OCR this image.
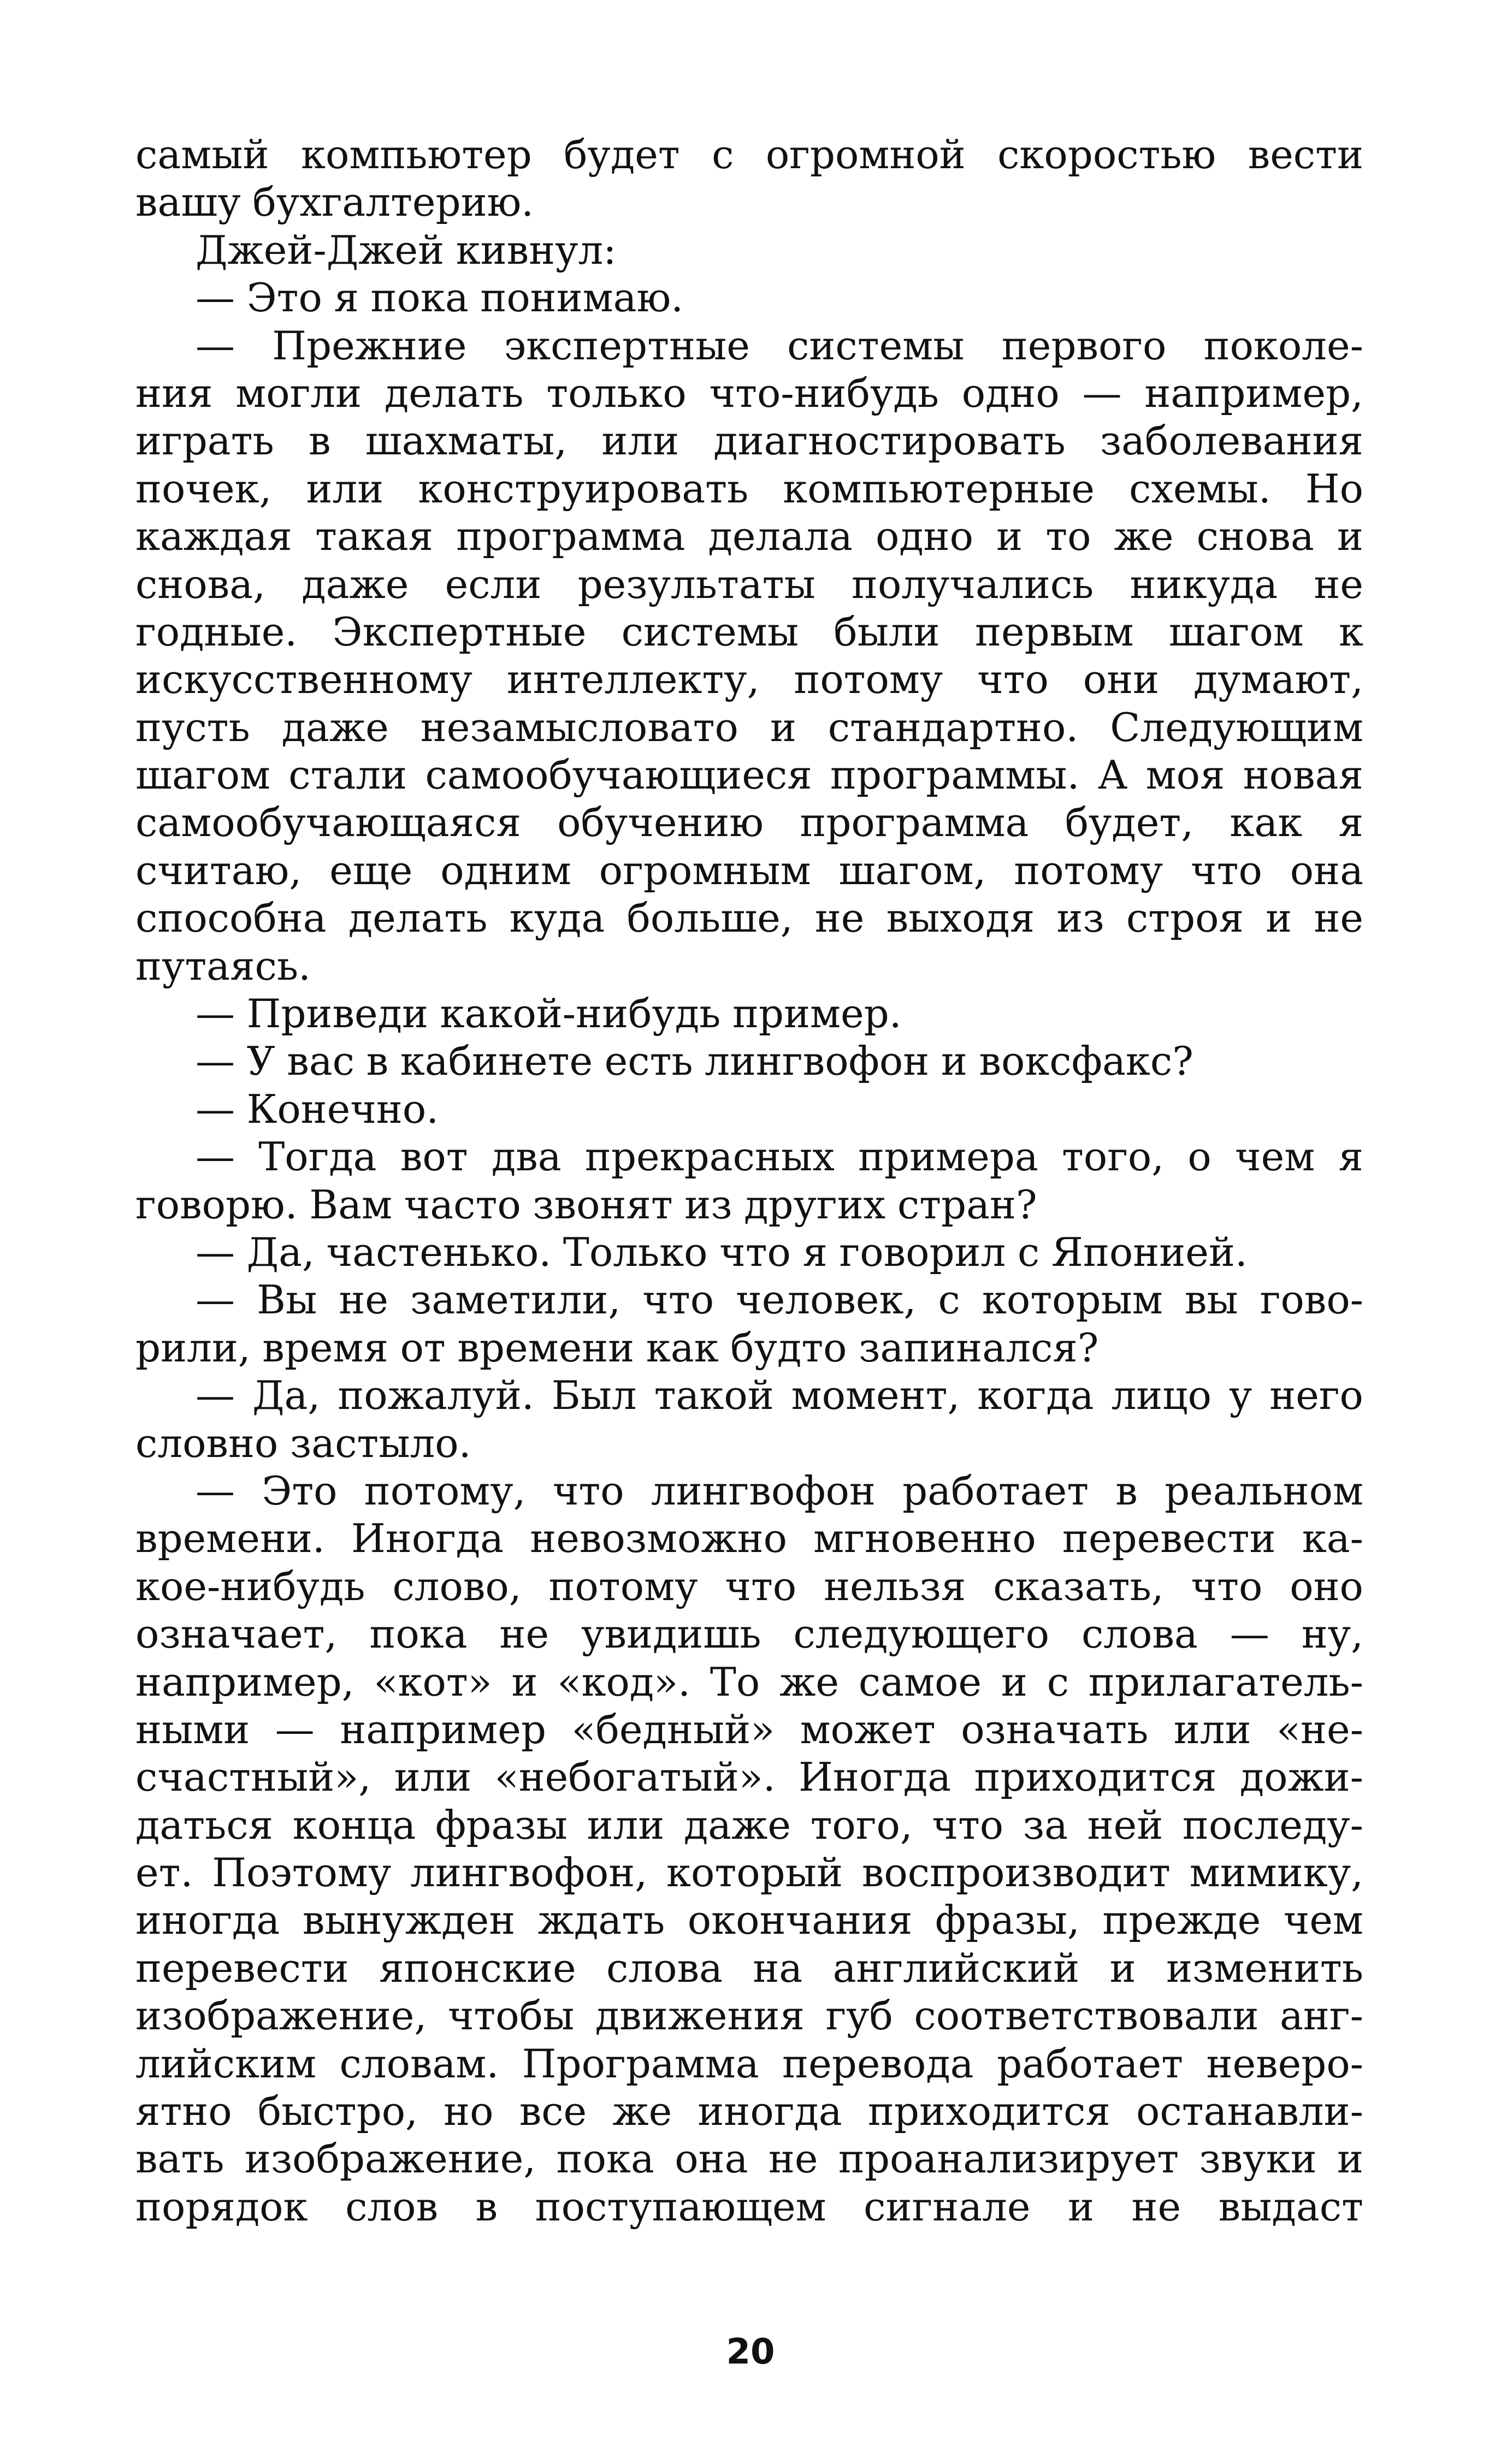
самый компьютер будет с огромной скоростью вести
вашу бухгалтерию.
Джей-Джей кивнул:
— Это я пока понимаю.
— Прежние экспертные системы первого поколе-
ния могли делать только что-нибудь одно — например,
играть в шахматы, или диагностировать заболевания
почек, или конструировать компьютерные схемы. Но
каждая такая программа делала одно и то же снова и
снова, даже если результаты получались никуда не
годные. Экспертные системы были первым шагом к
искусственному интеллекту, потому что они думают,
пусть даже незамысловато и стандартно. Следующим
шагом стали самообучающиеся программы. А моя новая
самообучающаяся обучению программа будет, как я
считаю, еще одним огромным шагом, потому что она
способна делать куда больше, не выходя из строя и не
путаясь.
— Приведи какой-нибудь пример.
— У вас в кабинете есть лингвофон и воксфакс?
— Конечно.
— Тогда вот два прекрасных примера того, о чем я
говорю. Вам часто звонят из других стран?
— Да, частенько. Только что я говорил с Японией.
— Вы не заметили, что человек, с которым вы гово-
рили, время от времени как будто запинался?
— Да, пожалуй. Был такой момент, когда лицо у него
словно застыло.
— Это потому, что лингвофон работает в реальном
времени. Иногда невозможно мгновенно перевести ка-
кое-нибудь слово, потому что нельзя сказать, что оно
означает, пока не увидишь следующего слова — ну,
например, «кот» и «код». То же самое и с прилагатель-
ными — например «бедный» может означать или «не-
счастный», или «небогатый». Иногда приходится дожи-
даться конца фразы или даже того, что за ней последу-
ет. Поэтому лингвофон, который воспроизводит мимику,
иногда вынужден ждать окончания фразы, прежде чем
перевести японские слова на английский и изменить
изображение, чтобы движения губ соответствовали анг-
лийским словам. Программа перевода работает неверо-
ятно быстро, но все же иногда приходится останавли-
вать изображение, пока она не проанализирует звуки и
порядок слов в поступающем сигнале и не выдаст
20
